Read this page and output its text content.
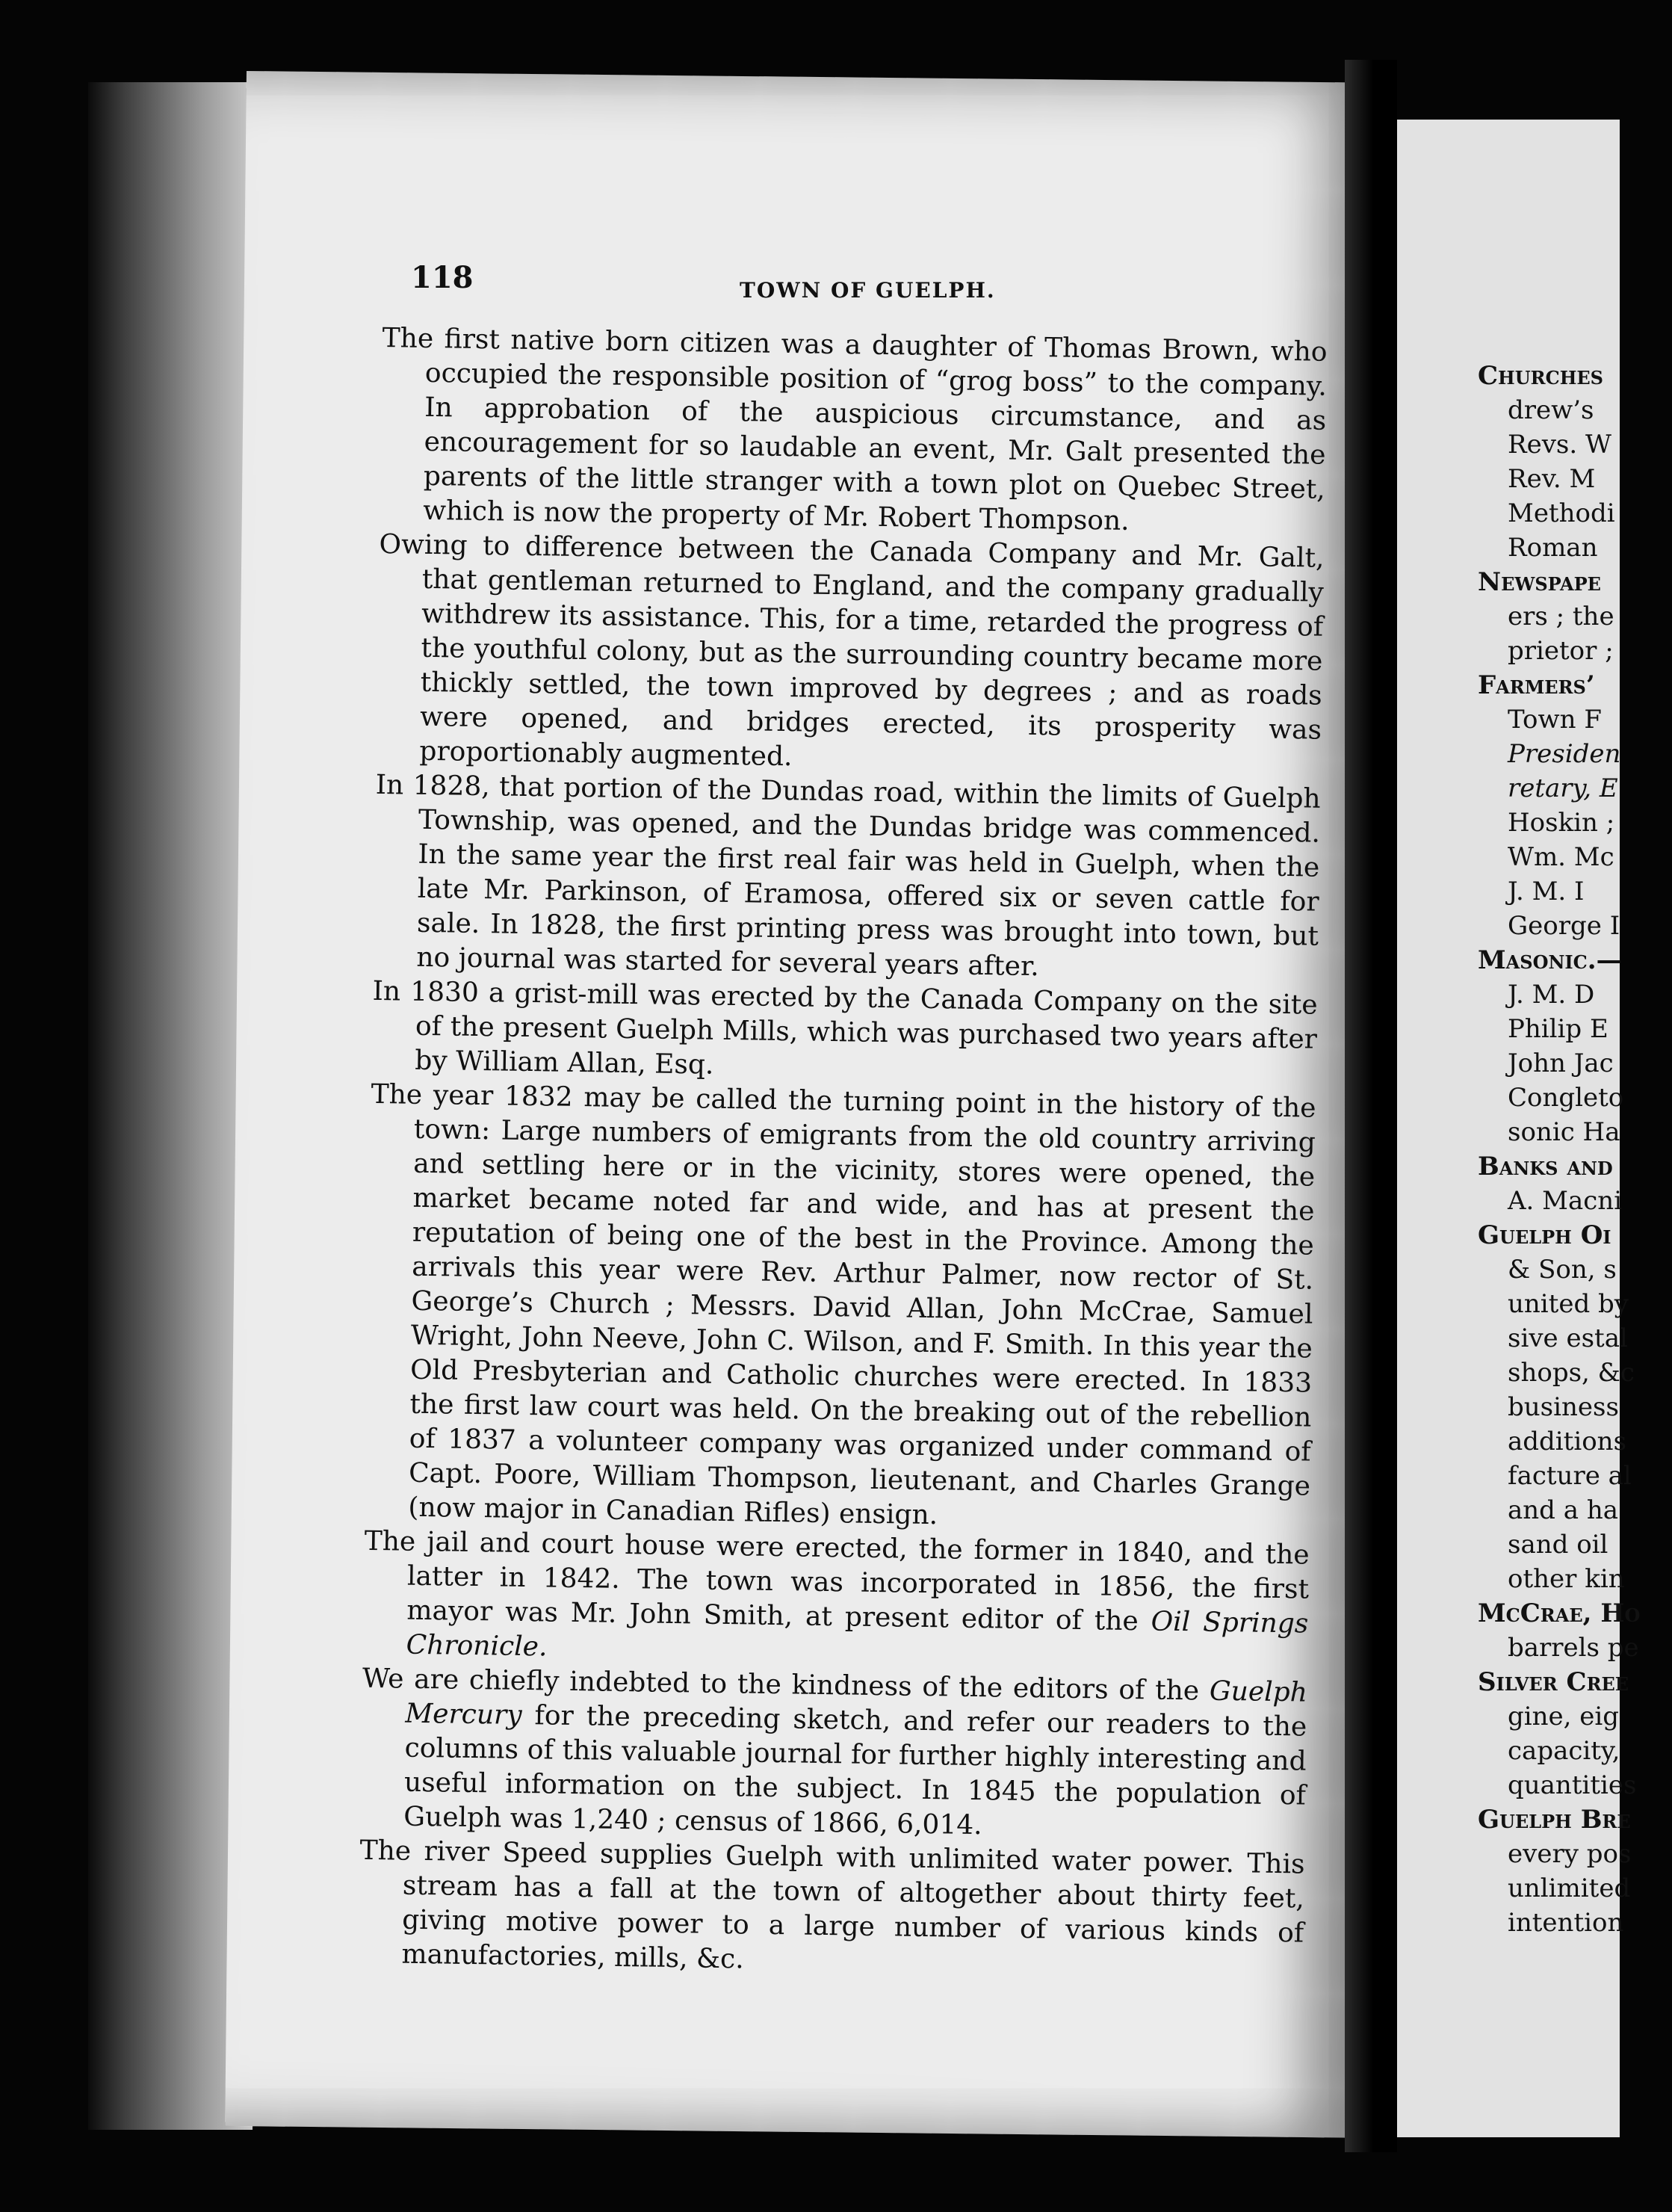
118	TOWN OF GUELPH.

The first native born citizen was a daughter of Thomas Brown, who occupied the responsible position of “grog boss” to the company. In approbation of the auspicious circumstance, and as encouragement for so laudable an event, Mr. Galt presented the parents of the little stranger with a town plot on Quebec Street, which is now the property of Mr. Robert Thompson.

Owing to difference between the Canada Company and Mr. Galt, that gentleman returned to England, and the company gradually withdrew its assistance. This, for a time, retarded the progress of the youthful colony, but as the surrounding country became more thickly settled, the town improved by degrees ; and as roads were opened, and bridges erected, its prosperity was proportionably augmented.

In 1828, that portion of the Dundas road, within the limits of Guelph Township, was opened, and the Dundas bridge was commenced. In the same year the first real fair was held in Guelph, when the late Mr. Parkinson, of Eramosa, offered six or seven cattle for sale. In 1828, the first printing press was brought into town, but no journal was started for several years after.

In 1830 a grist-mill was erected by the Canada Company on the site of the present Guelph Mills, which was purchased two years after by William Allan, Esq.

The year 1832 may be called the turning point in the history of the town: Large numbers of emigrants from the old country arriving and settling here or in the vicinity, stores were opened, the market became noted far and wide, and has at present the reputation of being one of the best in the Province. Among the arrivals this year were Rev. Arthur Palmer, now rector of St. George’s Church ; Messrs. David Allan, John McCrae, Samuel Wright, John Neeve, John C. Wilson, and F. Smith. In this year the Old Presbyterian and Catholic churches were erected. In 1833 the first law court was held. On the breaking out of the rebellion of 1837 a volunteer company was organized under command of Capt. Poore, William Thompson, lieutenant, and Charles Grange (now major in Canadian Rifles) ensign.

The jail and court house were erected, the former in 1840, and the latter in 1842. The town was incorporated in 1856, the first mayor was Mr. John Smith, at present editor of the Oil Springs Chronicle.

We are chiefly indebted to the kindness of the editors of the Guelph Mercury for the preceding sketch, and refer our readers to the columns of this valuable journal for further highly interesting and useful information on the subject. In 1845 the population of Guelph was 1,240 ; census of 1866, 6,014.

The river Speed supplies Guelph with unlimited water power. This stream has a fall at the town of altogether about thirty feet, giving motive power to a large number of various kinds of manufactories, mills, &c.

Churches
drew’s
Revs. W
Rev. M
Methodi
Roman
Newspape
ers ; the
prietor ;
Farmers’
Town F
Presiden
retary, E
Hoskin ;
Wm. Mc
J. M. I
George I
Masonic.—
J. M. D
Philip E
John Jac
Congleto
sonic Ha
Banks and
A. Macni
Guelph Oi
& Son, s
united by
sive estal
shops, &c
business
additions
facture al
and a ha
sand oil
other kin
McCrae, Ho
barrels pe
Silver Cree
gine, eig
capacity,
quantities
Guelph Bre
every pos
unlimited
intention
